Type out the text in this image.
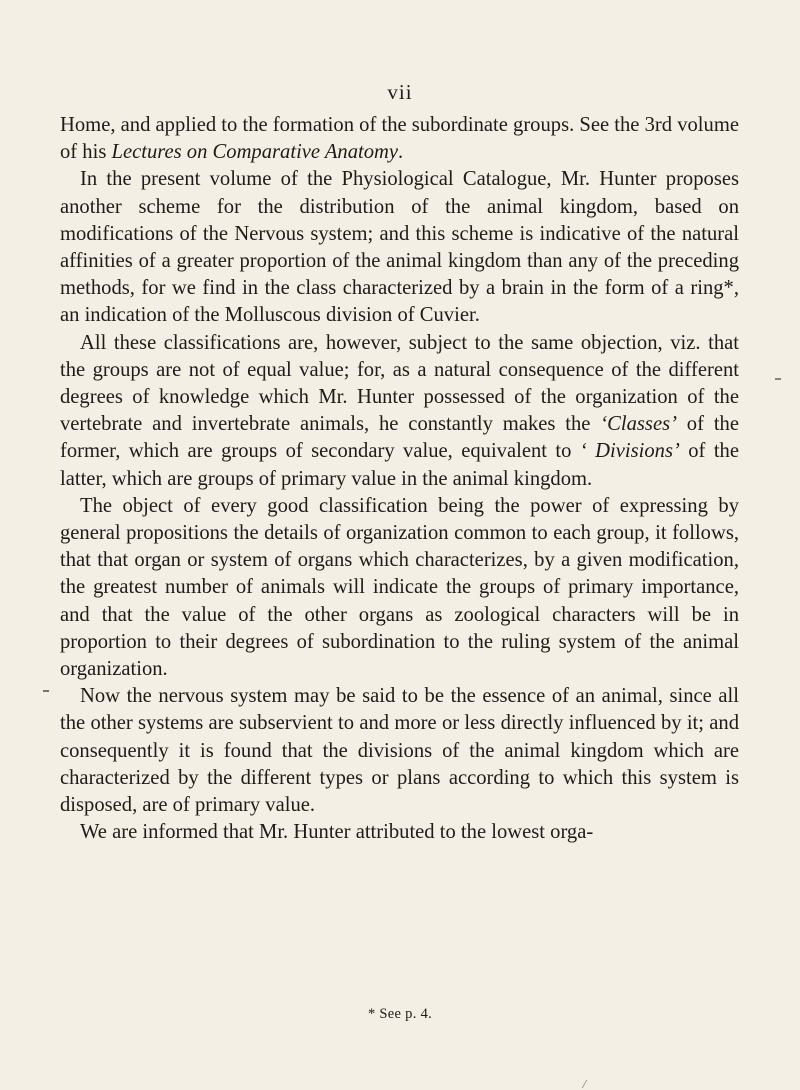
vii

Home, and applied to the formation of the subordinate groups. See the 3rd volume of his Lectures on Comparative Anatomy.

In the present volume of the Physiological Catalogue, Mr. Hunter proposes another scheme for the distribution of the animal kingdom, based on modifications of the Nervous system; and this scheme is indicative of the natural affinities of a greater proportion of the animal kingdom than any of the preceding methods, for we find in the class characterized by a brain in the form of a ring*, an indication of the Molluscous division of Cuvier.

All these classifications are, however, subject to the same objection, viz. that the groups are not of equal value; for, as a natural consequence of the different degrees of knowledge which Mr. Hunter possessed of the organization of the vertebrate and invertebrate animals, he constantly makes the ‘Classes’ of the former, which are groups of secondary value, equivalent to ‘ Divisions’ of the latter, which are groups of primary value in the animal kingdom.

The object of every good classification being the power of expressing by general propositions the details of organization common to each group, it follows, that that organ or system of organs which characterizes, by a given modification, the greatest number of animals will indicate the groups of primary importance, and that the value of the other organs as zoological characters will be in proportion to their degrees of subordination to the ruling system of the animal organization.

Now the nervous system may be said to be the essence of an animal, since all the other systems are subservient to and more or less directly influenced by it; and consequently it is found that the divisions of the animal kingdom which are characterized by the different types or plans according to which this system is disposed, are of primary value.

We are informed that Mr. Hunter attributed to the lowest orga-

* See p. 4.
